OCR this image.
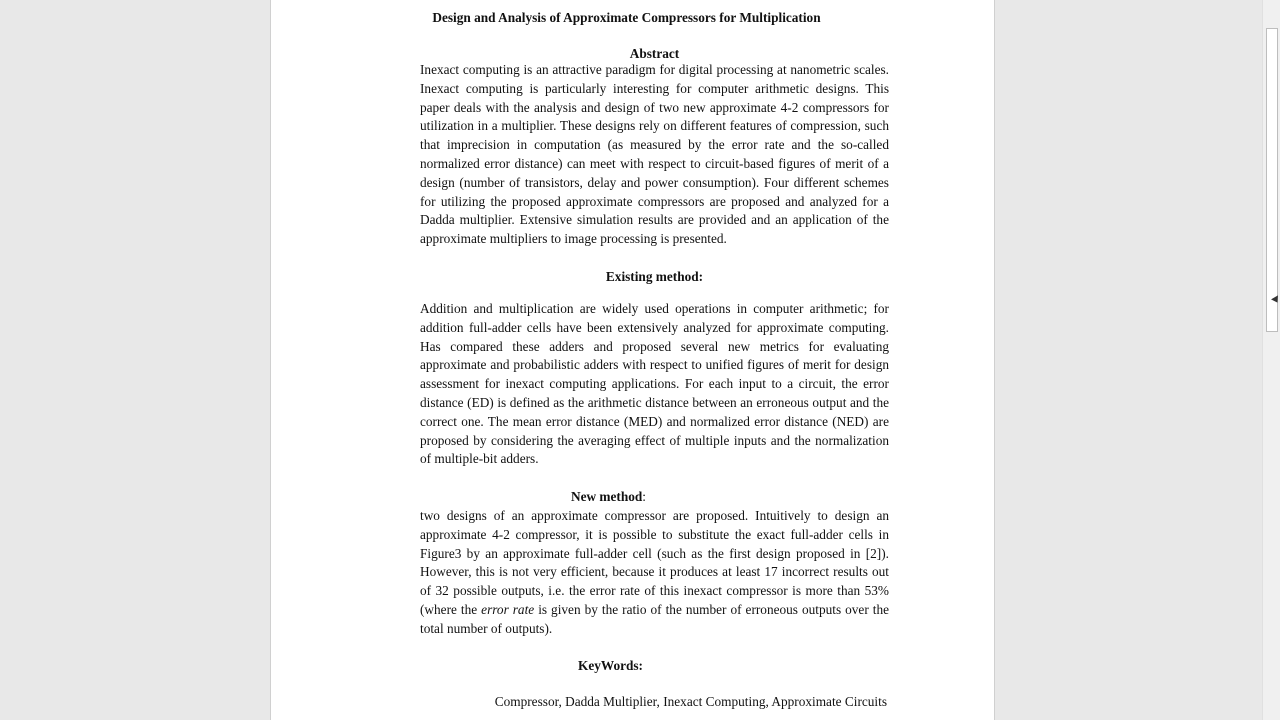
Design and Analysis of Approximate Compressors for Multiplication
Abstract
Inexact computing is an attractive paradigm for digital processing at nanometric scales. Inexact computing is particularly interesting for computer arithmetic designs. This paper deals with the analysis and design of two new approximate 4-2 compressors for utilization in a multiplier. These designs rely on different features of compression, such that imprecision in computation (as measured by the error rate and the so-called normalized error distance) can meet with respect to circuit-based figures of merit of a design (number of transistors, delay and power consumption). Four different schemes for utilizing the proposed approximate compressors are proposed and analyzed for a Dadda multiplier. Extensive simulation results are provided and an application of the approximate multipliers to image processing is presented.
Existing method:
Addition and multiplication are widely used operations in computer arithmetic; for addition full-adder cells have been extensively analyzed for approximate computing. Has compared these adders and proposed several new metrics for evaluating approximate and probabilistic adders with respect to unified figures of merit for design assessment for inexact computing applications. For each input to a circuit, the error distance (ED) is defined as the arithmetic distance between an erroneous output and the correct one. The mean error distance (MED) and normalized error distance (NED) are proposed by considering the averaging effect of multiple inputs and the normalization of multiple-bit adders.
New method:
two designs of an approximate compressor are proposed. Intuitively to design an approximate 4-2 compressor, it is possible to substitute the exact full-adder cells in Figure3 by an approximate full-adder cell (such as the first design proposed in [2]). However, this is not very efficient, because it produces at least 17 incorrect results out of 32 possible outputs, i.e. the error rate of this inexact compressor is more than 53% (where the error rate is given by the ratio of the number of erroneous outputs over the total number of outputs).
KeyWords:
Compressor, Dadda Multiplier, Inexact Computing, Approximate Circuits
